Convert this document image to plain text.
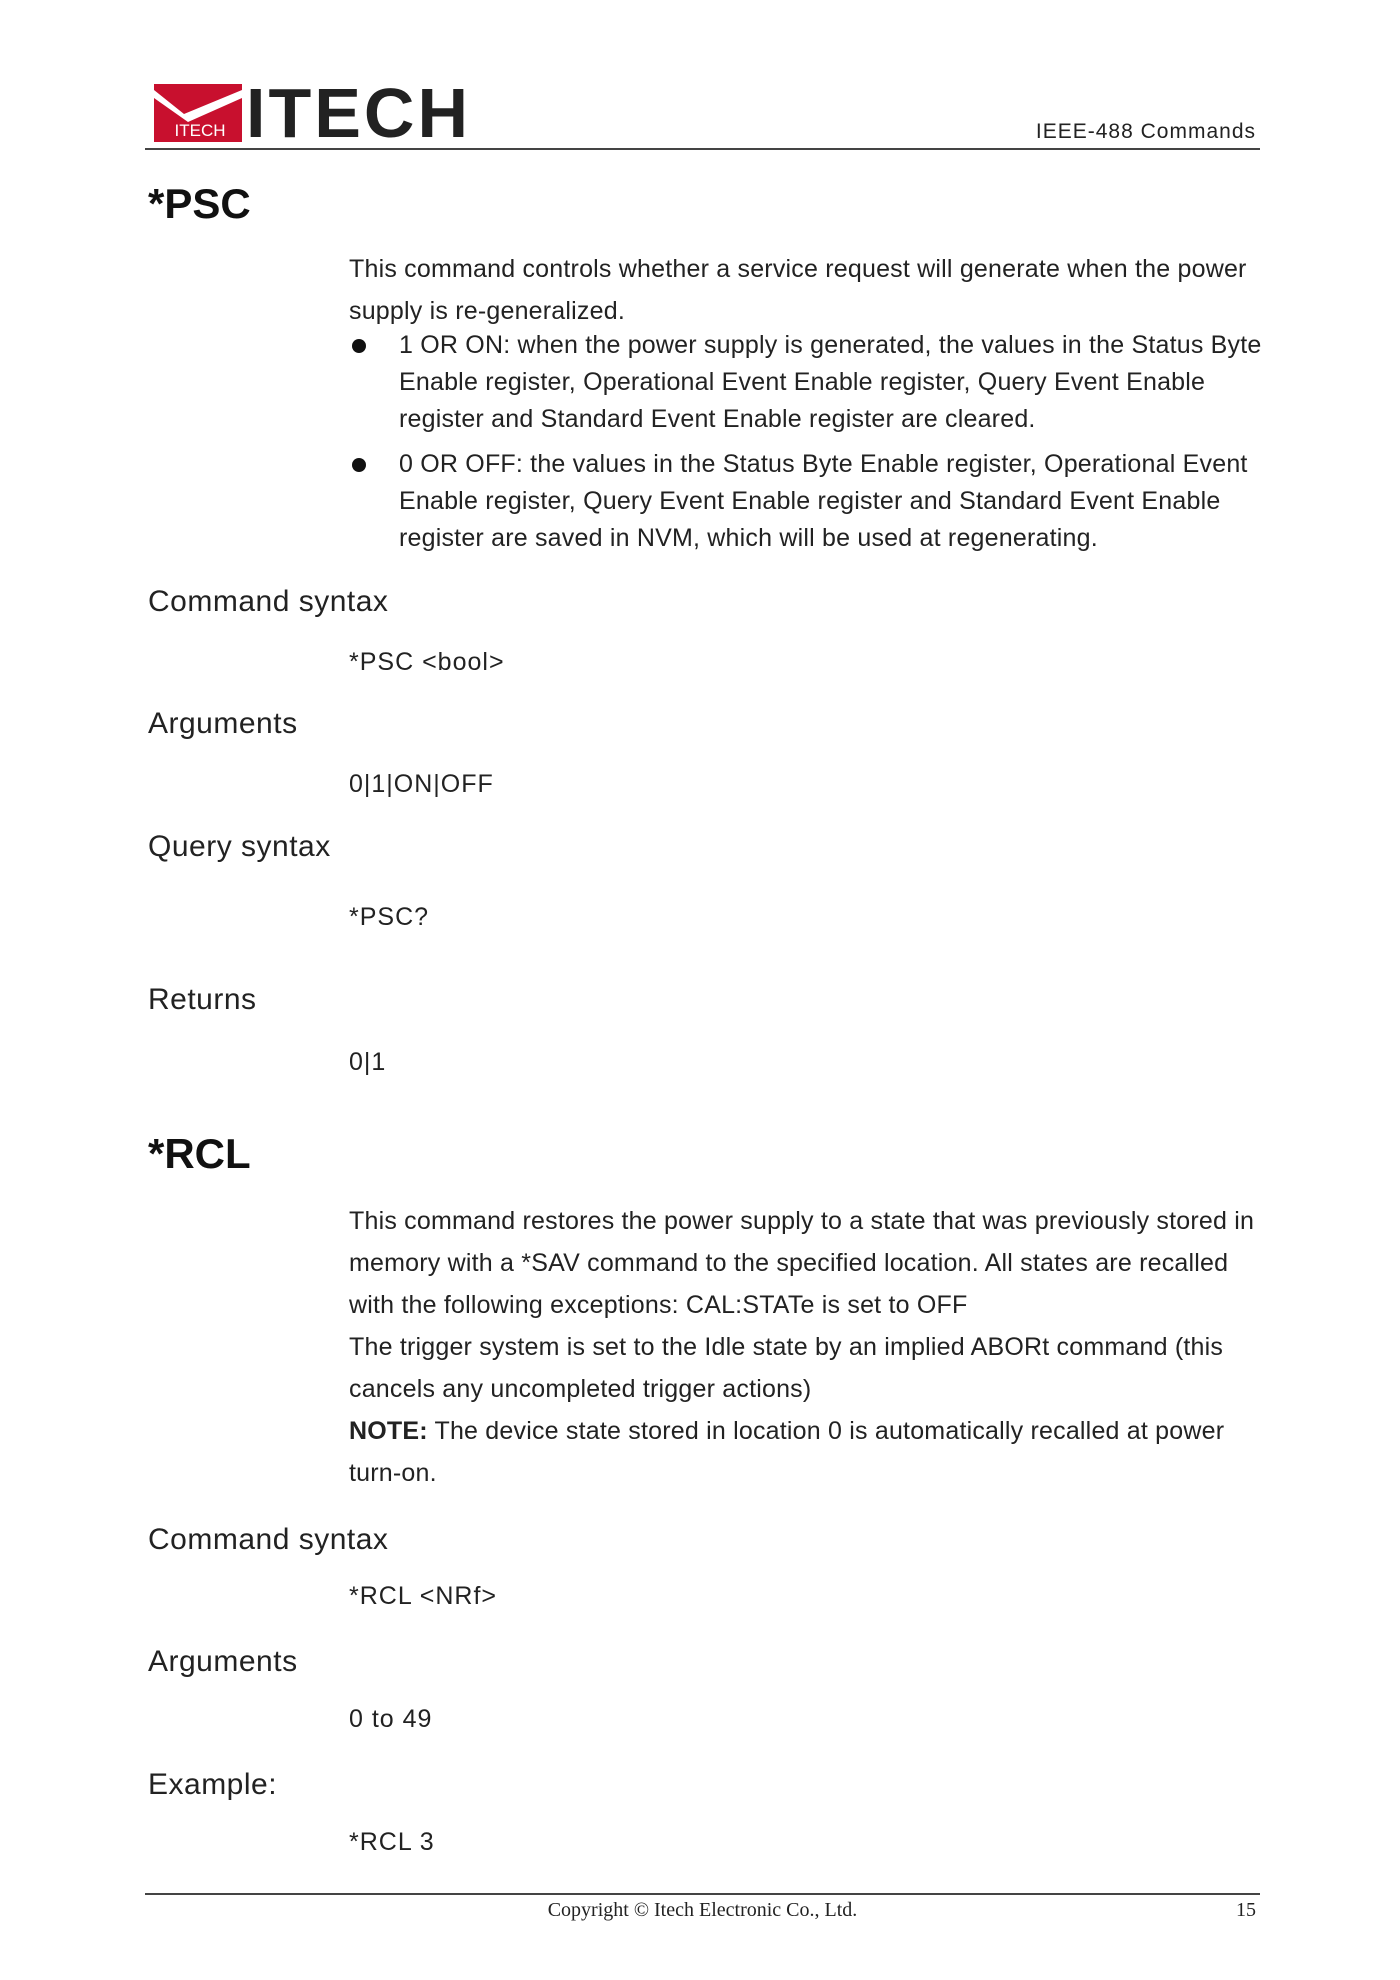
ITECH ITECH	IEEE-488 Commands
*PSC
This command controls whether a service request will generate when the power supply is re-generalized.
1 OR ON: when the power supply is generated, the values in the Status Byte Enable register, Operational Event Enable register, Query Event Enable register and Standard Event Enable register are cleared.
0 OR OFF: the values in the Status Byte Enable register, Operational Event Enable register, Query Event Enable register and Standard Event Enable register are saved in NVM, which will be used at regenerating.
Command syntax
*PSC <bool>
Arguments
0|1|ON|OFF
Query syntax
*PSC?
Returns
0|1
*RCL
This command restores the power supply to a state that was previously stored in memory with a *SAV command to the specified location. All states are recalled with the following exceptions: CAL:STATe is set to OFF
The trigger system is set to the Idle state by an implied ABORt command (this cancels any uncompleted trigger actions)
NOTE: The device state stored in location 0 is automatically recalled at power turn-on.
Command syntax
*RCL <NRf>
Arguments
0 to 49
Example:
*RCL 3
Copyright © Itech Electronic Co., Ltd.	15
